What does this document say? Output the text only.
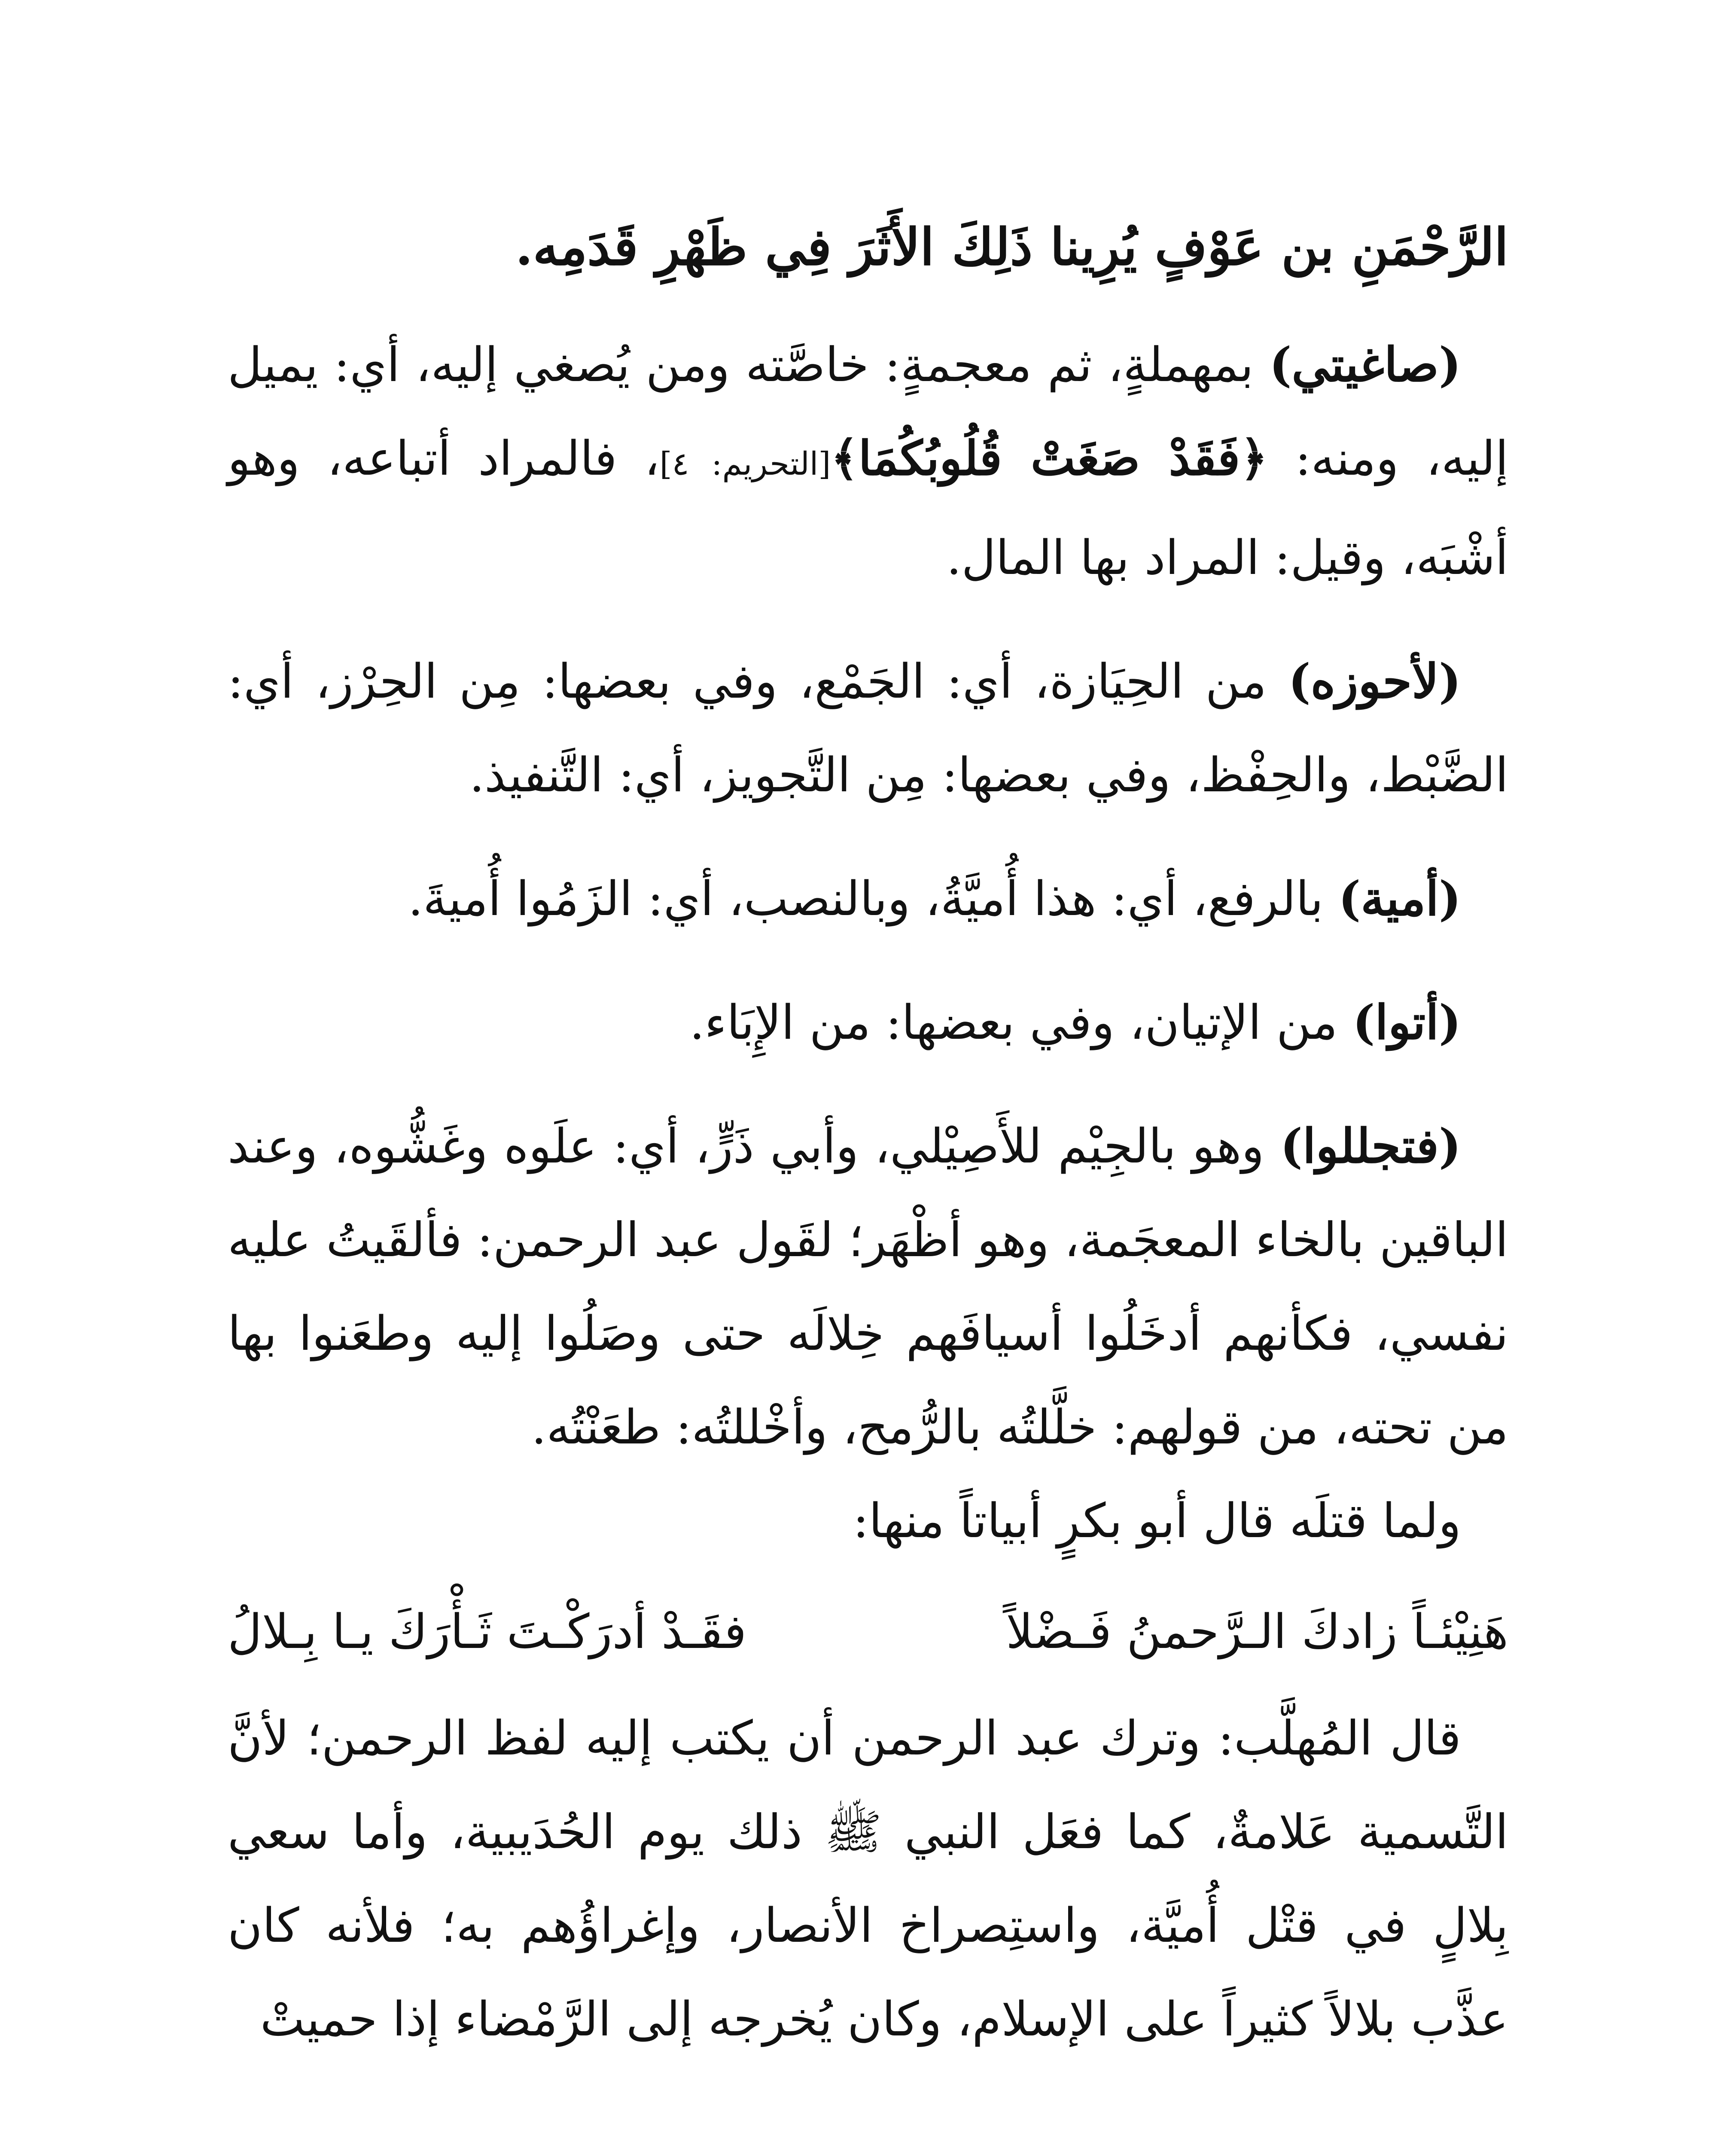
الرَّحْمَنِ بن عَوْفٍ يُرِينا ذَلِكَ الأَثَرَ فِي ظَهْرِ قَدَمِه.

(صاغيتي) بمهملةٍ، ثم معجمةٍ: خاصَّته ومن يُصغي إليه، أي: يميل إليه، ومنه: ﴿فَقَدْ صَغَتْ قُلُوبُكُمَا﴾[التحريم: ٤]، فالمراد أتباعه، وهو أشْبَه، وقيل: المراد بها المال.

(لأحوزه) من الحِيَازة، أي: الجَمْع، وفي بعضها: مِن الحِرْز، أي: الضَّبْط، والحِفْظ، وفي بعضها: مِن التَّجويز، أي: التَّنفيذ.

(أمية) بالرفع، أي: هذا أُميَّةُ، وبالنصب، أي: الزَمُوا أُميةَ.

(أتوا) من الإتيان، وفي بعضها: من الإِبَاء.

(فتجللوا) وهو بالجِيْم للأَصِيْلي، وأبي ذَرٍّ، أي: علَوه وغَشُّوه، وعند الباقين بالخاء المعجَمة، وهو أظْهَر؛ لقَول عبد الرحمن: فألقَيتُ عليه نفسي، فكأنهم أدخَلُوا أسيافَهم خِلالَه حتى وصَلُوا إليه وطعَنوا بها من تحته، من قولهم: خلَّلتُه بالرُّمح، وأخْللتُه: طعَنْتُه.

ولما قتلَه قال أبو بكرٍ أبياتاً منها:

هَنِيْئـاً زادكَ الـرَّحمنُ فَـضْلاً
فقَـدْ أدرَكْـتَ ثَـأْرَكَ يـا بِـلالُ

قال المُهلَّب: وترك عبد الرحمن أن يكتب إليه لفظ الرحمن؛ لأنَّ التَّسمية عَلامةٌ، كما فعَل النبي ﷺ ذلك يوم الحُدَيبية، وأما سعي بِلالٍ في قتْل أُميَّة، واستِصراخ الأنصار، وإغراؤُهم به؛ فلأنه كان عذَّب بلالاً كثيراً على الإسلام، وكان يُخرجه إلى الرَّمْضاء إذا حميتْ
